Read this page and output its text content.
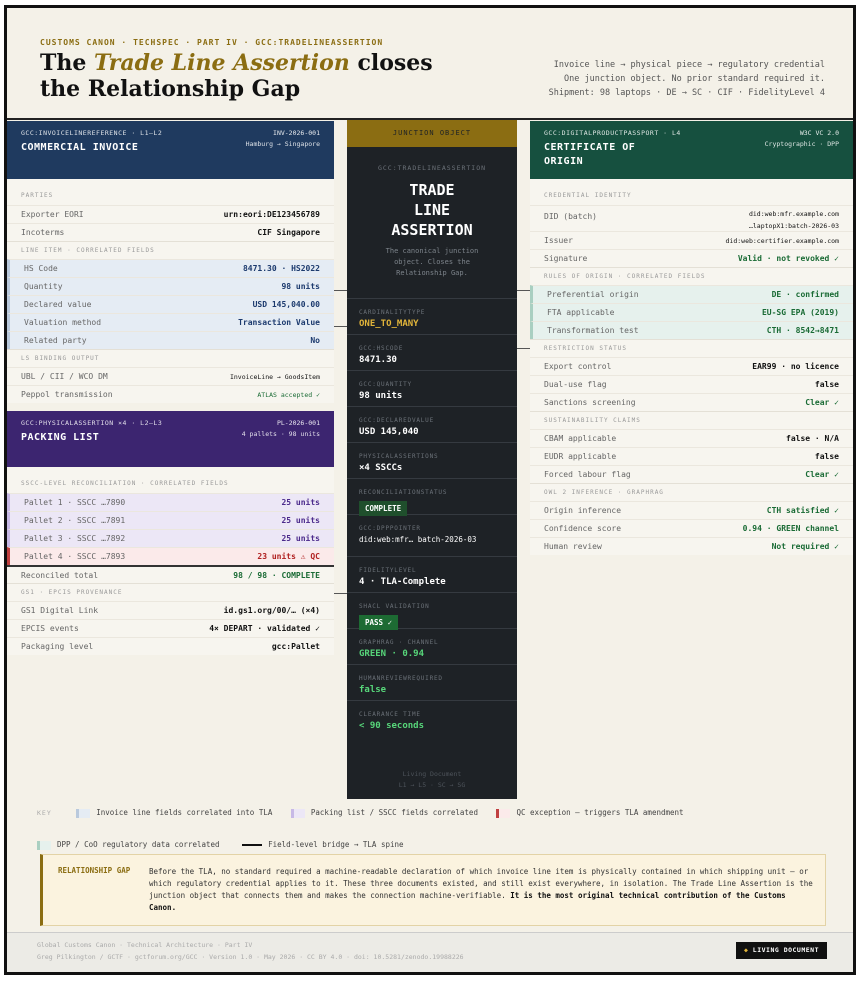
CUSTOMS CANON · TECHSPEC · PART IV · GCC:TRADELINEASSERTION
The Trade Line Assertion closes the Relationship Gap
Invoice line → physical piece → regulatory credential
One junction object. No prior standard required it.
Shipment: 98 laptops · DE → SC · CIF · FidelityLevel 4
GCC:INVOICELINEREFERENCE · L1–L2
COMMERCIAL INVOICE
INV-2026-001
Hamburg → Singapore
PARTIES
Exporter EORI	urn:eori:DE123456789
Incoterms	CIF Singapore
LINE ITEM · CORRELATED FIELDS
HS Code	8471.30 · HS2022
Quantity	98 units
Declared value	USD 145,040.00
Valuation method	Transaction Value
Related party	No
LS BINDING OUTPUT
UBL / CII / WCO DM	InvoiceLine → GoodsItem
Peppol transmission	ATLAS accepted ✓
GCC:PHYSICALASSERTION ×4 · L2–L3
PACKING LIST
PL-2026-001
4 pallets · 98 units
SSCC-LEVEL RECONCILIATION · CORRELATED FIELDS
Pallet 1 · SSCC …7890	25 units
Pallet 2 · SSCC …7891	25 units
Pallet 3 · SSCC …7892	25 units
Pallet 4 · SSCC …7893	23 units ⚠ QC
Reconciled total	98 / 98 · COMPLETE
GS1 · EPCIS PROVENANCE
GS1 Digital Link	id.gs1.org/00/… (×4)
EPCIS events	4× DEPART · validated ✓
Packaging level	gcc:Pallet
GCC:DIGITALPRODUCTPASSPORT · L4
CERTIFICATE OF ORIGIN
W3C VC 2.0
Cryptographic · DPP
CREDENTIAL IDENTITY
DID (batch)	did:web:mfr.example.com
…laptopX1:batch-2026-03
Issuer	did:web:certifier.example.com
Signature	Valid · not revoked ✓
RULES OF ORIGIN · CORRELATED FIELDS
Preferential origin	DE · confirmed
FTA applicable	EU-SG EPA (2019)
Transformation test	CTH · 8542→8471
RESTRICTION STATUS
Export control	EAR99 · no licence
Dual-use flag	false
Sanctions screening	Clear ✓
SUSTAINABILITY CLAIMS
CBAM applicable	false · N/A
EUDR applicable	false
Forced labour flag	Clear ✓
OWL 2 INFERENCE · GRAPHRAG
Origin inference	CTH satisfied ✓
Confidence score	0.94 · GREEN channel
Human review	Not required ✓
JUNCTION OBJECT
GCC:TRADELINEASSERTION
TRADE
LINE
ASSERTION
The canonical junction object. Closes the Relationship Gap.
CARDINALITYTYPE
ONE_TO_MANY
GCC:HSCODE
8471.30
GCC:QUANTITY
98 units
GCC:DECLAREDVALUE
USD 145,040
PHYSICALASSERTIONS
×4 SSCCs
RECONCILIATIONSTATUS
COMPLETE
GCC:DPPPOINTER
did:web:mfr… batch-2026-03
FIDELITYLEVEL
4 · TLA-Complete
SHACL VALIDATION
PASS ✓
GRAPHRAG · CHANNEL
GREEN · 0.94
HUMANREVIEWREQUIRED
false
CLEARANCE TIME
< 90 seconds
Living Document
L1 → L5 · SC → SG
KEY	Invoice line fields correlated into TLA	Packing list / SSCC fields correlated	QC exception — triggers TLA amendment
DPP / CoO regulatory data correlated	Field-level bridge → TLA spine
RELATIONSHIP GAP	Before the TLA, no standard required a machine-readable declaration of which invoice line item is physically contained in which shipping unit — or which regulatory credential applies to it. These three documents existed, and still exist everywhere, in isolation. The Trade Line Assertion is the junction object that connects them and makes the connection machine-verifiable. It is the most original technical contribution of the Customs Canon.
Global Customs Canon · Technical Architecture · Part IV
Greg Pilkington / GCTF · gctforum.org/GCC · Version 1.0 · May 2026 · CC BY 4.0 · doi: 10.5281/zenodo.19988226
◆ LIVING DOCUMENT
